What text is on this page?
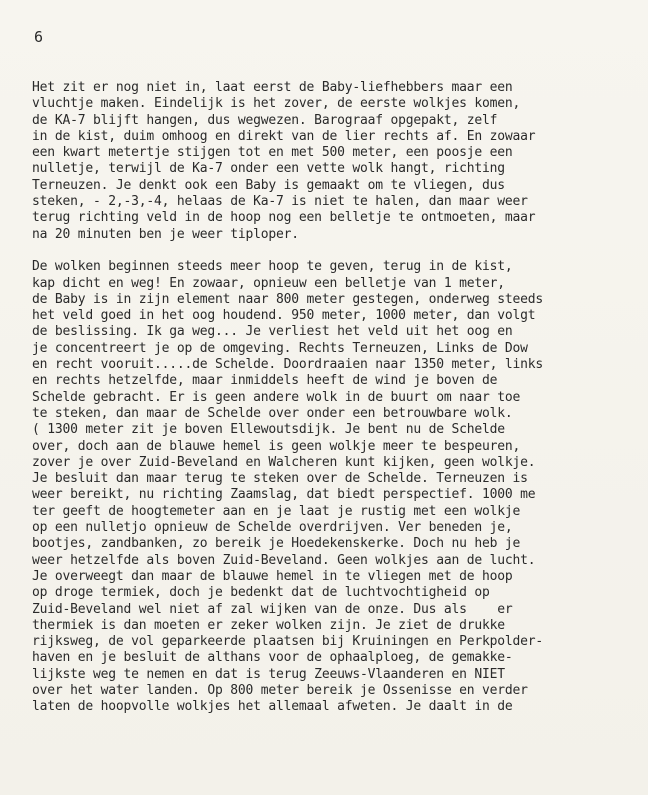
6
Het zit er nog niet in, laat eerst de Baby-liefhebbers maar een
vluchtje maken. Eindelijk is het zover, de eerste wolkjes komen,
de KA-7 blijft hangen, dus wegwezen. Barograaf opgepakt, zelf
in de kist, duim omhoog en direkt van de lier rechts af. En zowaar
een kwart metertje stijgen tot en met 500 meter, een poosje een
nulletje, terwijl de Ka-7 onder een vette wolk hangt, richting
Terneuzen. Je denkt ook een Baby is gemaakt om te vliegen, dus
steken, - 2,-3,-4, helaas de Ka-7 is niet te halen, dan maar weer
terug richting veld in de hoop nog een belletje te ontmoeten, maar
na 20 minuten ben je weer tiploper.
De wolken beginnen steeds meer hoop te geven, terug in de kist,
kap dicht en weg! En zowaar, opnieuw een belletje van 1 meter,
de Baby is in zijn element naar 800 meter gestegen, onderweg steeds
het veld goed in het oog houdend. 950 meter, 1000 meter, dan volgt
de beslissing. Ik ga weg... Je verliest het veld uit het oog en
je concentreert je op de omgeving. Rechts Terneuzen, Links de Dow
en recht vooruit.....de Schelde. Doordraaien naar 1350 meter, links
en rechts hetzelfde, maar inmiddels heeft de wind je boven de
Schelde gebracht. Er is geen andere wolk in de buurt om naar toe
te steken, dan maar de Schelde over onder een betrouwbare wolk.
( 1300 meter zit je boven Ellewoutsdijk. Je bent nu de Schelde
over, doch aan de blauwe hemel is geen wolkje meer te bespeuren,
zover je over Zuid-Beveland en Walcheren kunt kijken, geen wolkje.
Je besluit dan maar terug te steken over de Schelde. Terneuzen is
weer bereikt, nu richting Zaamslag, dat biedt perspectief. 1000 me
ter geeft de hoogtemeter aan en je laat je rustig met een wolkje
op een nulletjo opnieuw de Schelde overdrijven. Ver beneden je,
bootjes, zandbanken, zo bereik je Hoedekenskerke. Doch nu heb je
weer hetzelfde als boven Zuid-Beveland. Geen wolkjes aan de lucht.
Je overweegt dan maar de blauwe hemel in te vliegen met de hoop
op droge termiek, doch je bedenkt dat de luchtvochtigheid op
Zuid-Beveland wel niet af zal wijken van de onze. Dus als    er
thermiek is dan moeten er zeker wolken zijn. Je ziet de drukke
rijksweg, de vol geparkeerde plaatsen bij Kruiningen en Perkpolder-
haven en je besluit de althans voor de ophaalploeg, de gemakke-
lijkste weg te nemen en dat is terug Zeeuws-Vlaanderen en NIET
over het water landen. Op 800 meter bereik je Ossenisse en verder
laten de hoopvolle wolkjes het allemaal afweten. Je daalt in de
